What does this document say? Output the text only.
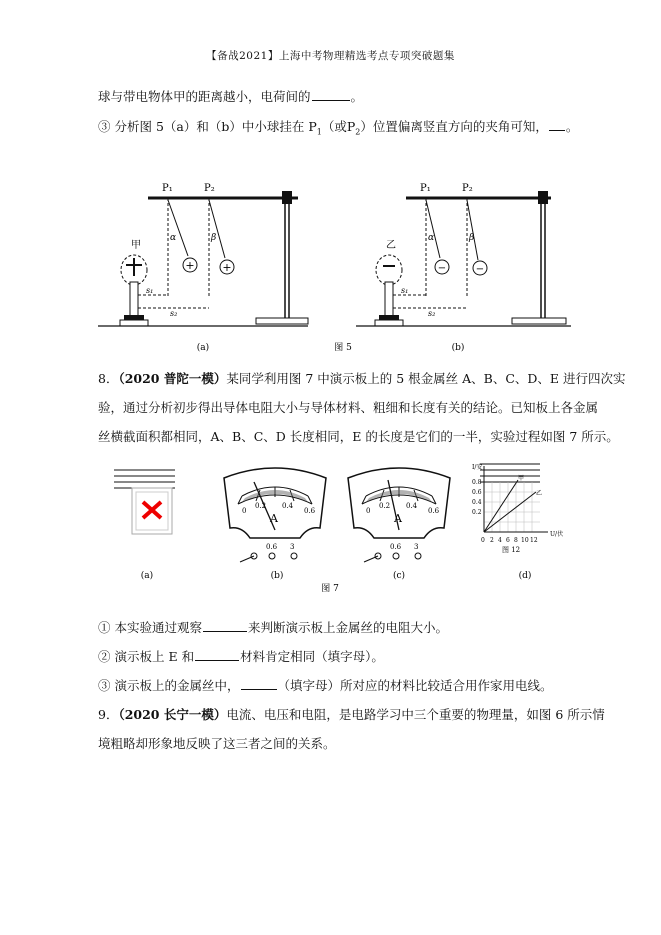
【备战2021】上海中考物理精选考点专项突破题集
球与带电物体甲的距离越小，电荷间的	。
③ 分析图 5（a）和（b）中小球挂在 $P_1$（或$P_2$）位置偏离竖直方向的夹角可知， 。
+	+
P₁	P₂
α	β
甲
s₁
s₂
−	−
P₁	P₂
α	β
乙
s₁
s₂
(a)	图 5	(b)
8．（2020 普陀一模）某同学利用图 7 中演示板上的 5 根金属丝 A、B、C、D、E 进行四次实
验，通过分析初步得出导体电阻大小与导体材料、粗细和长度有关的结论。已知板上各金属
丝横截面积都相同，A、B、C、D 长度相同，E 的长度是它们的一半，实验过程如图 7 所示。
0
0.2 0.4
0.6
A
0.6 3
0
0.2 0.4
0.6
A
0.6 3
I/安
U/伏
甲
乙
0.8
0.6
0.4
0.2
0 2 4 6 8 10 12
图 12
(a)	(b)	(c)	(d)
图 7
① 本实验通过观察	来判断演示板上金属丝的电阻大小。
② 演示板上 E 和	材料肯定相同（填字母）。
③ 演示板上的金属丝中，	（填字母）所对应的材料比较适合用作家用电线。
9．（2020 长宁一模）电流、电压和电阻，是电路学习中三个重要的物理量，如图 6 所示情
境粗略却形象地反映了这三者之间的关系。
